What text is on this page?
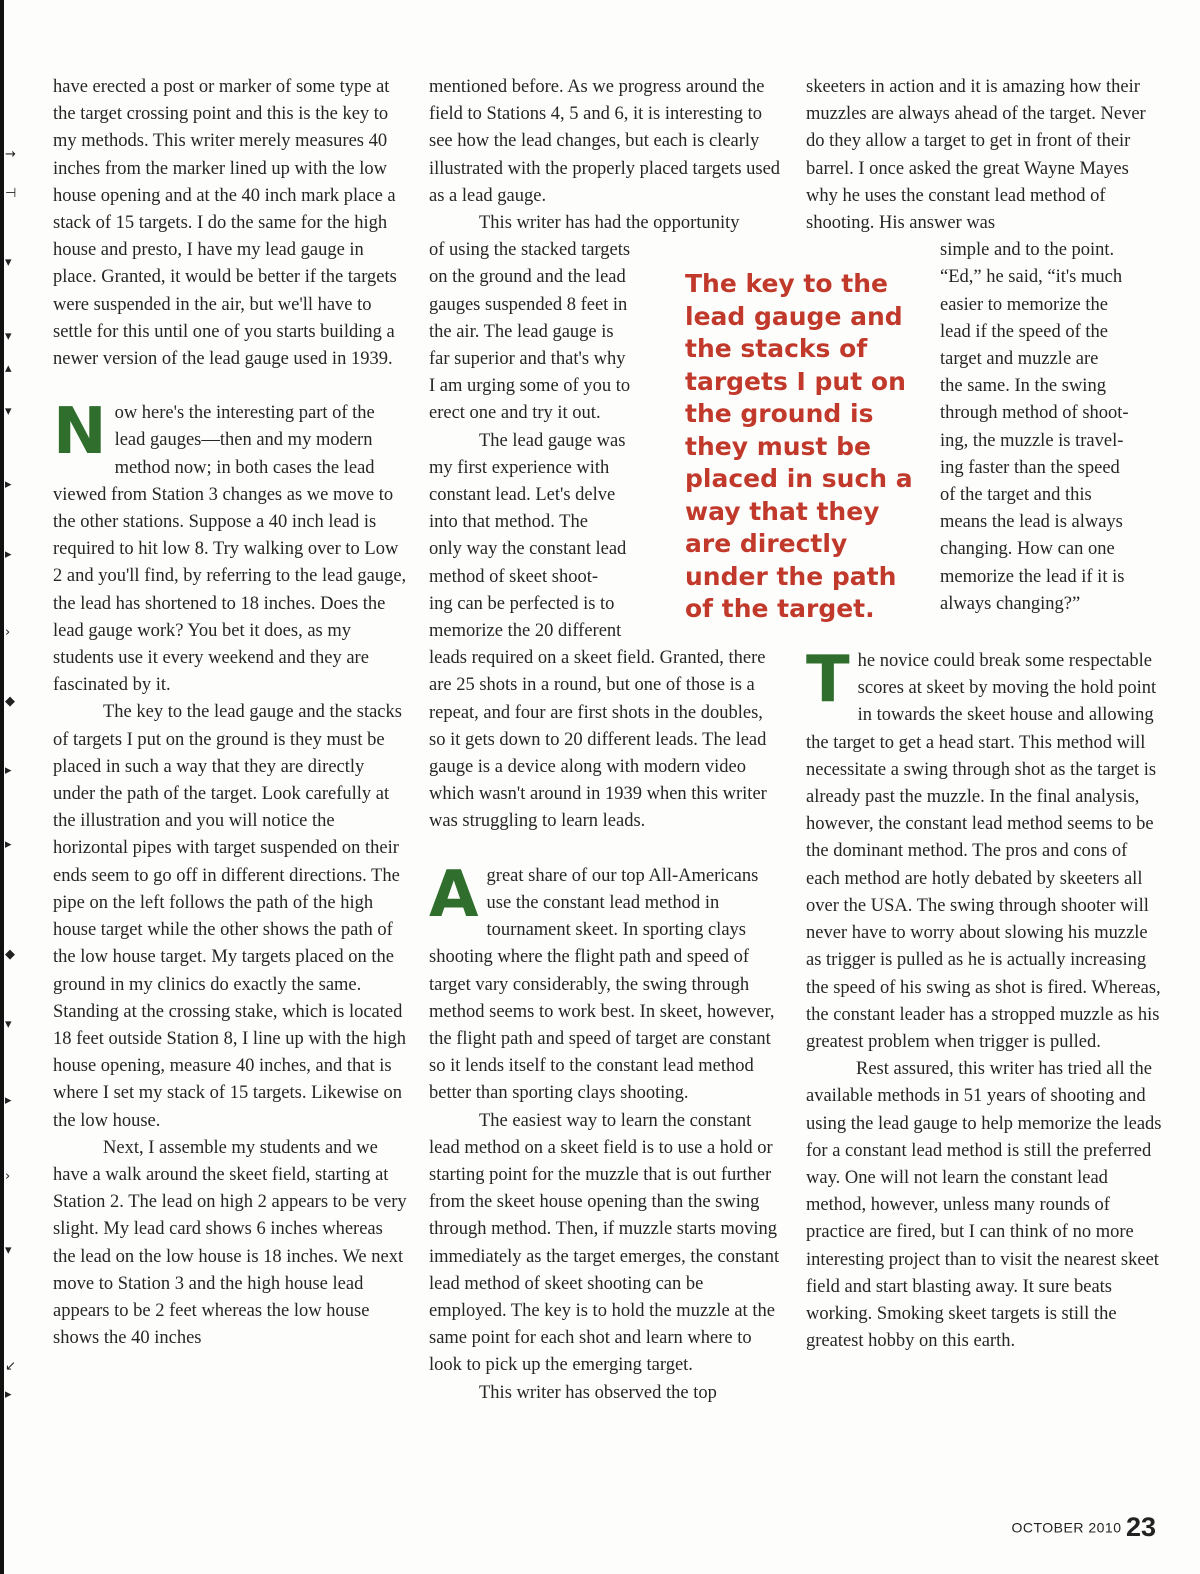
→
⊣
▾
▾
▴
▾
▸
▸
›
◆
▸
▸
◆
▾
▸
›
▾
↙
▸

have erected a post or marker of some type at the target crossing point and this is the key to my methods. This writer merely measures 40 inches from the marker lined up with the low house opening and at the 40 inch mark place a stack of 15 targets. I do the same for the high house and presto, I have my lead gauge in place. Granted, it would be better if the targets were suspended in the air, but we'll have to settle for this until one of you starts building a newer version of the lead gauge used in 1939.

N ow here's the interesting part of the lead gauges—then and my modern method now; in both cases the lead viewed from Station 3 changes as we move to the other stations. Suppose a 40 inch lead is required to hit low 8. Try walking over to Low 2 and you'll find, by referring to the lead gauge, the lead has shortened to 18 inches. Does the lead gauge work? You bet it does, as my students use it every weekend and they are fascinated by it.

The key to the lead gauge and the stacks of targets I put on the ground is they must be placed in such a way that they are directly under the path of the target. Look carefully at the illustration and you will notice the horizontal pipes with target suspended on their ends seem to go off in different directions. The pipe on the left follows the path of the high house target while the other shows the path of the low house target. My targets placed on the ground in my clinics do exactly the same. Standing at the crossing stake, which is located 18 feet outside Station 8, I line up with the high house opening, measure 40 inches, and that is where I set my stack of 15 targets. Likewise on the low house.

Next, I assemble my students and we have a walk around the skeet field, starting at Station 2. The lead on high 2 appears to be very slight. My lead card shows 6 inches whereas the lead on the low house is 18 inches. We next move to Station 3 and the high house lead appears to be 2 feet whereas the low house shows the 40 inches

mentioned before. As we progress around the field to Stations 4, 5 and 6, it is interesting to see how the lead changes, but each is clearly illustrated with the properly placed targets used as a lead gauge.

This writer has had the opportunity

of using the stacked targets
on the ground and the lead
gauges suspended 8 feet in
the air. The lead gauge is
far superior and that's why
I am urging some of you to
erect one and try it out.
The lead gauge was
my first experience with
constant lead. Let's delve
into that method. The
only way the constant lead
method of skeet shoot-
ing can be perfected is to
memorize the 20 different

leads required on a skeet field. Granted, there are 25 shots in a round, but one of those is a repeat, and four are first shots in the doubles, so it gets down to 20 different leads. The lead gauge is a device along with modern video which wasn't around in 1939 when this writer was struggling to learn leads.

A great share of our top All-Americans use the constant lead method in tournament skeet. In sporting clays shooting where the flight path and speed of target vary considerably, the swing through method seems to work best. In skeet, however, the flight path and speed of target are constant so it lends itself to the constant lead method better than sporting clays shooting.

The easiest way to learn the constant lead method on a skeet field is to use a hold or starting point for the muzzle that is out further from the skeet house opening than the swing through method. Then, if muzzle starts moving immediately as the target emerges, the constant lead method of skeet shooting can be employed. The key is to hold the muzzle at the same point for each shot and learn where to look to pick up the emerging target.

This writer has observed the top

The key to the lead gauge and the stacks of targets I put on the ground is they must be placed in such a way that they are directly under the path of the target.

skeeters in action and it is amazing how their muzzles are always ahead of the target. Never do they allow a target to get in front of their barrel. I once asked the great Wayne Mayes why he uses the constant lead method of shooting. His answer was

simple and to the point.
“Ed,” he said, “it's much
easier to memorize the
lead if the speed of the
target and muzzle are
the same. In the swing
through method of shoot-
ing, the muzzle is travel-
ing faster than the speed
of the target and this
means the lead is always
changing. How can one
memorize the lead if it is
always changing?”
T he novice could break some respectable scores at skeet by moving the hold point in towards the skeet house and allowing the target to get a head start. This method will necessitate a swing through shot as the target is already past the muzzle. In the final analysis, however, the constant lead method seems to be the dominant method. The pros and cons of each method are hotly debated by skeeters all over the USA. The swing through shooter will never have to worry about slowing his muzzle as trigger is pulled as he is actually increasing the speed of his swing as shot is fired. Whereas, the constant leader has a stropped muzzle as his greatest problem when trigger is pulled.

Rest assured, this writer has tried all the available methods in 51 years of shooting and using the lead gauge to help memorize the leads for a constant lead method is still the preferred way. One will not learn the constant lead method, however, unless many rounds of practice are fired, but I can think of no more interesting project than to visit the nearest skeet field and start blasting away. It sure beats working. Smoking skeet targets is still the greatest hobby on this earth.

OCTOBER 2010 23
